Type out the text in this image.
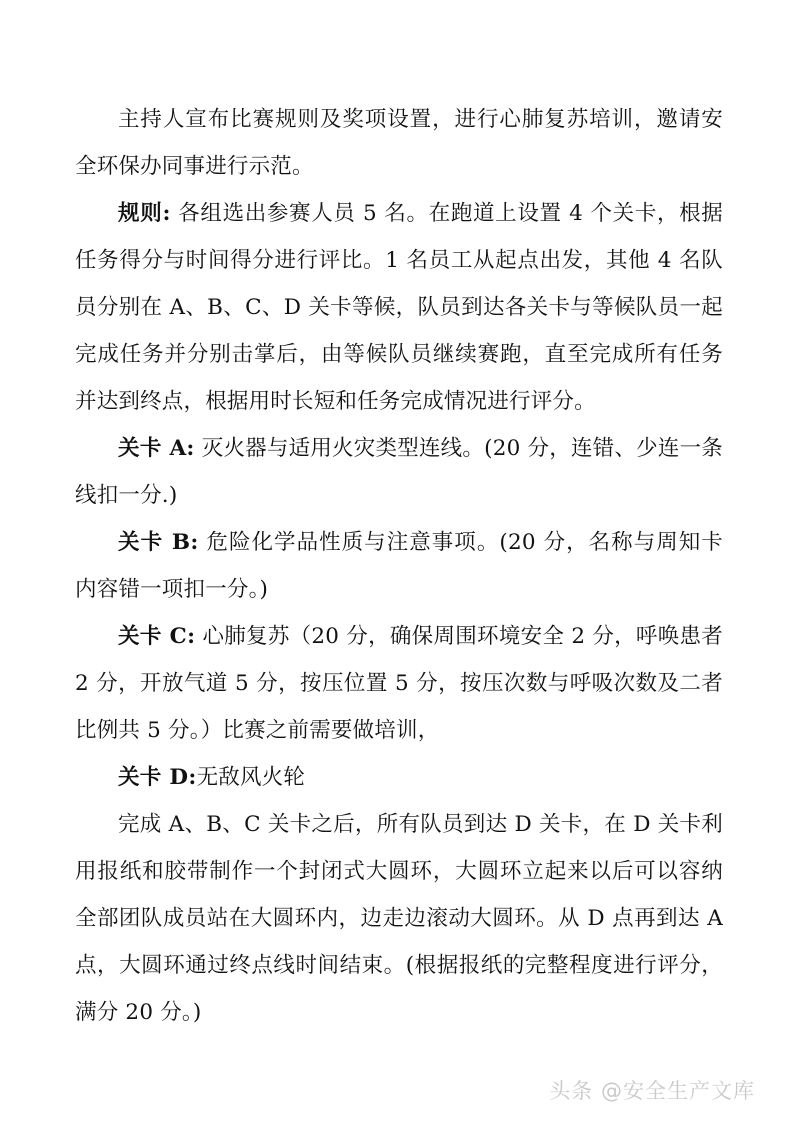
主持人宣布比赛规则及奖项设置，进行心肺复苏培训，邀请安全环保办同事进行示范。

规则: 各组选出参赛人员 5 名。在跑道上设置 4 个关卡，根据任务得分与时间得分进行评比。1 名员工从起点出发，其他 4 名队员分别在 A、B、C、D 关卡等候，队员到达各关卡与等候队员一起完成任务并分别击掌后，由等候队员继续赛跑，直至完成所有任务并达到终点，根据用时长短和任务完成情况进行评分。

关卡 A: 灭火器与适用火灾类型连线。(20 分，连错、少连一条线扣一分.)

关卡 B: 危险化学品性质与注意事项。(20 分，名称与周知卡内容错一项扣一分。)

关卡 C: 心肺复苏（20 分，确保周围环境安全 2 分，呼唤患者 2 分，开放气道 5 分，按压位置 5 分，按压次数与呼吸次数及二者比例共 5 分。）比赛之前需要做培训，

关卡 D:无敌风火轮

完成 A、B、C 关卡之后，所有队员到达 D 关卡，在 D 关卡利用报纸和胶带制作一个封闭式大圆环，大圆环立起来以后可以容纳全部团队成员站在大圆环内，边走边滚动大圆环。从 D 点再到达 A 点，大圆环通过终点线时间结束。(根据报纸的完整程度进行评分，满分 20 分。)

头条 @安全生产文库
